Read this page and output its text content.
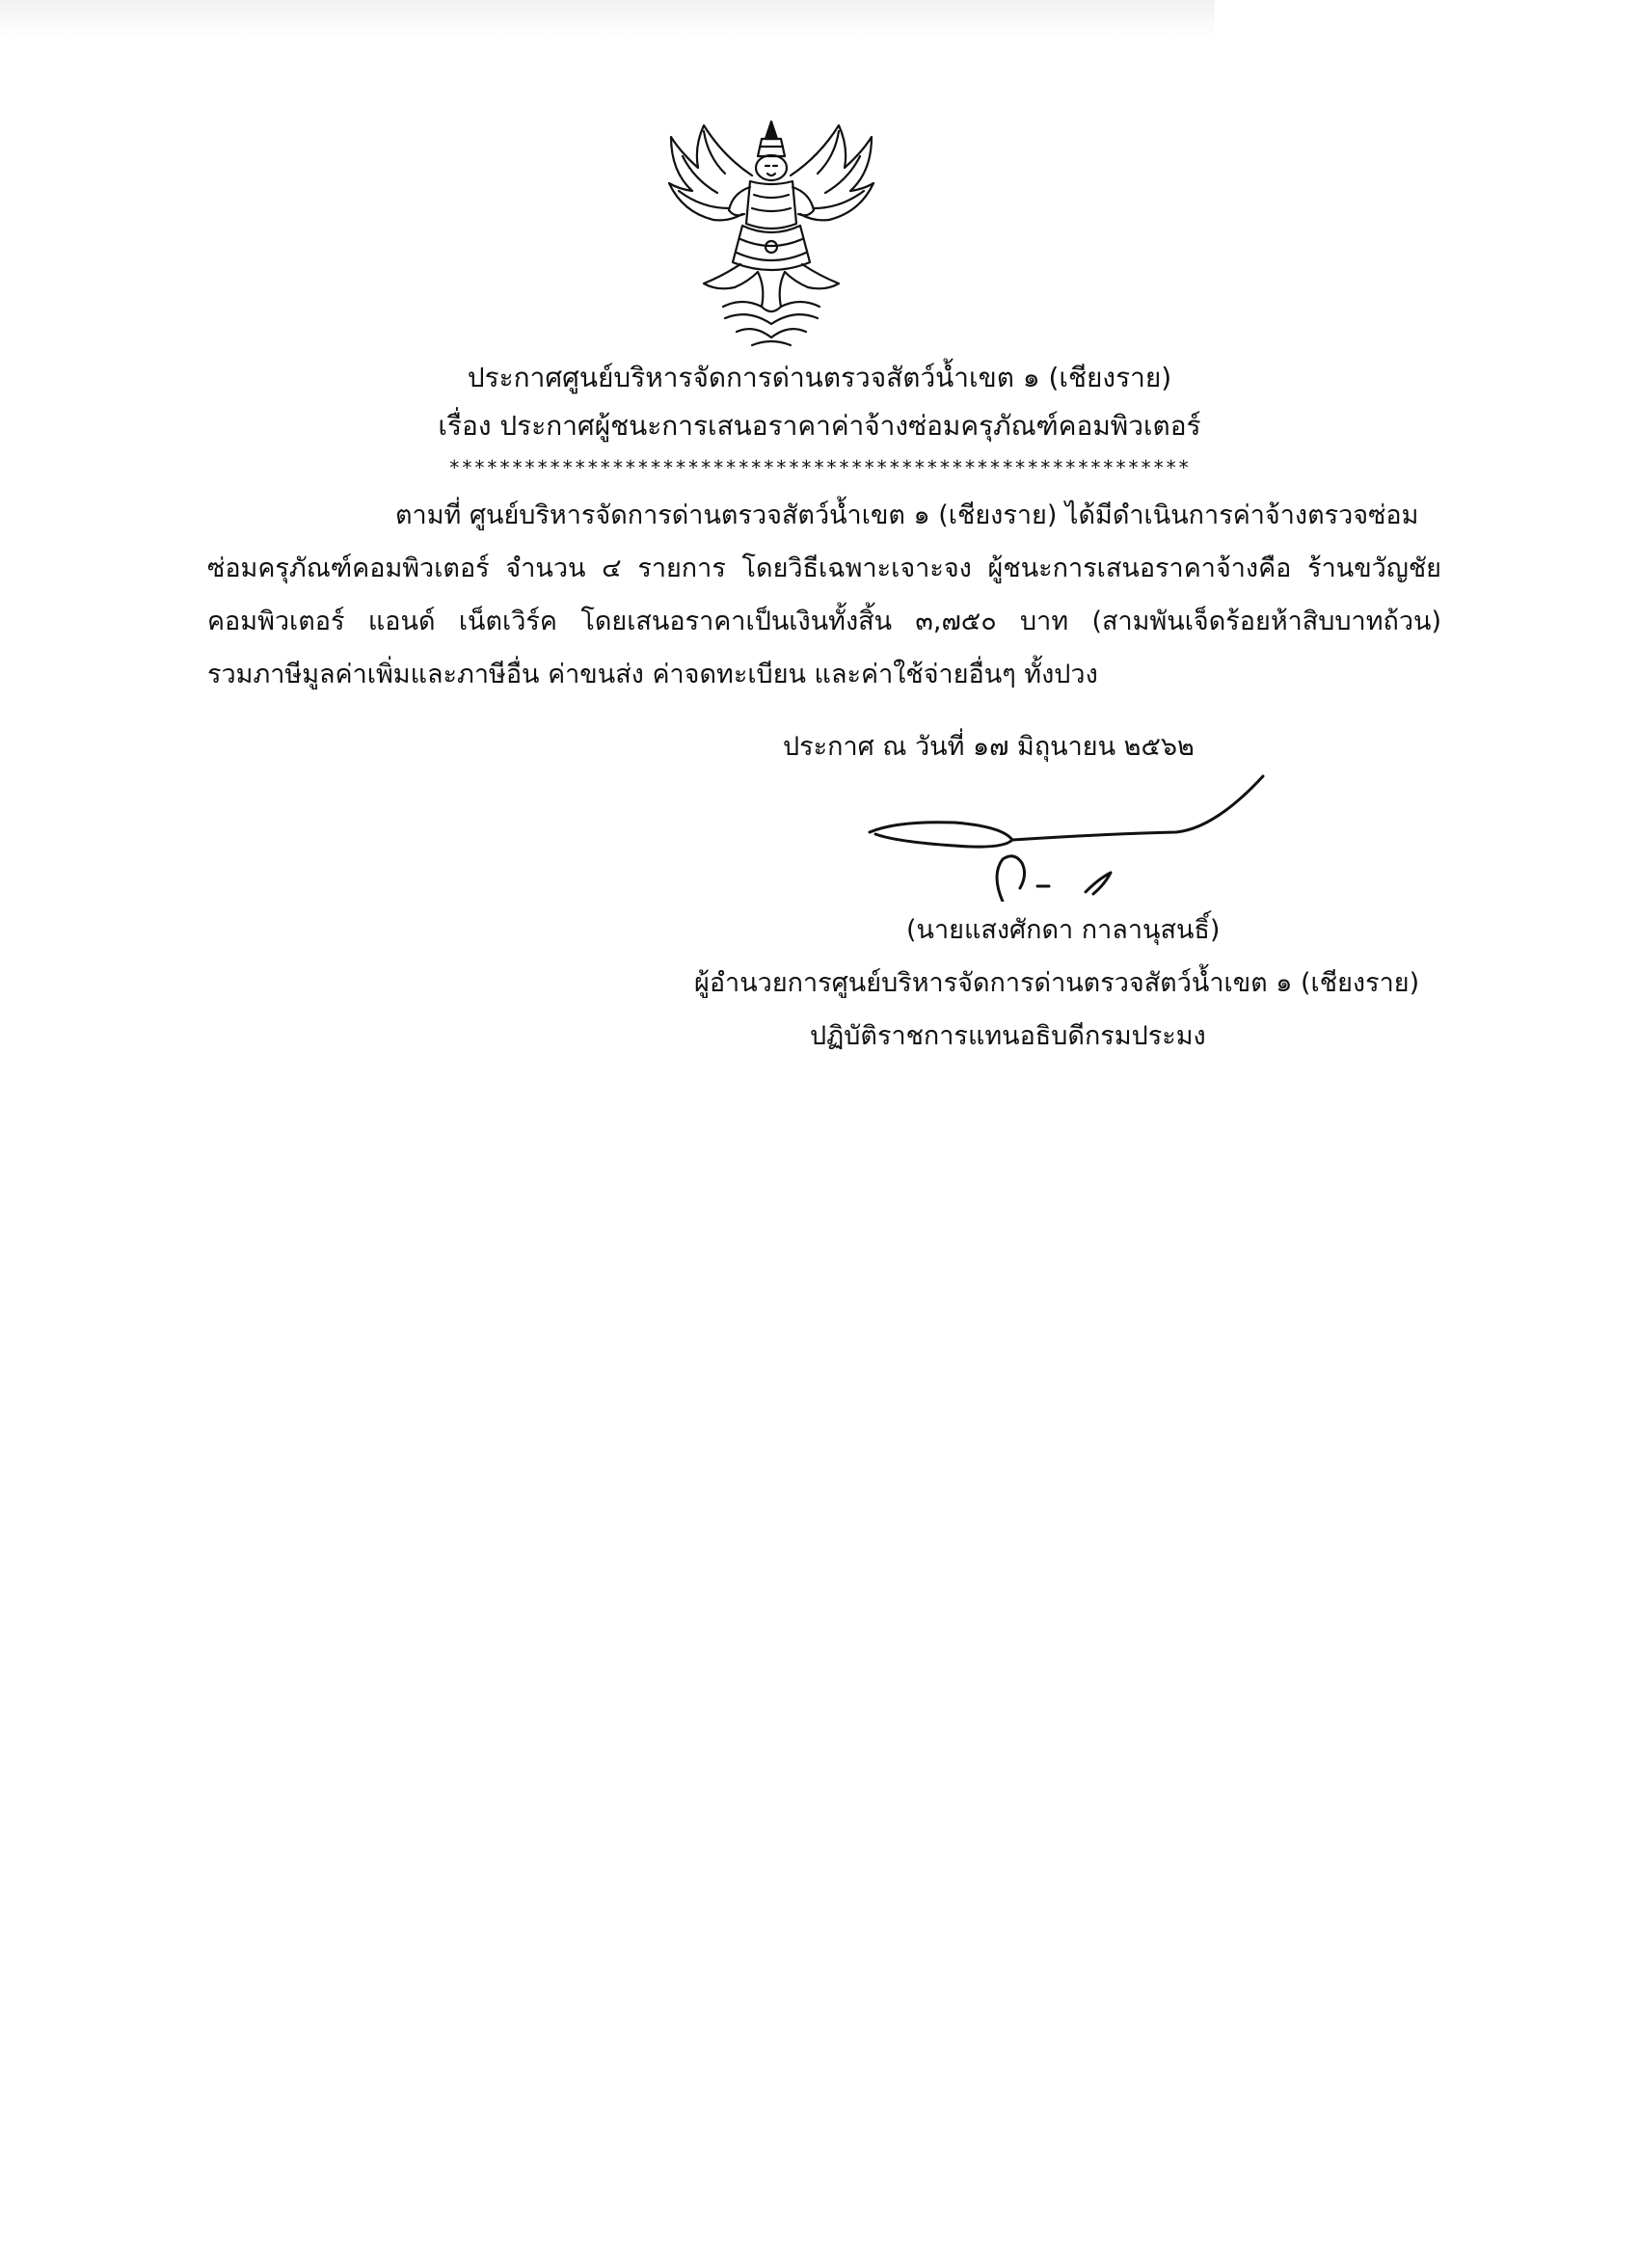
ประกาศศูนย์บริหารจัดการด่านตรวจสัตว์น้ำเขต ๑ (เชียงราย)
เรื่อง ประกาศผู้ชนะการเสนอราคาค่าจ้างซ่อมครุภัณฑ์คอมพิวเตอร์
***********************************************************
ตามที่ ศูนย์บริหารจัดการด่านตรวจสัตว์น้ำเขต ๑ (เชียงราย) ได้มีดำเนินการค่าจ้างตรวจซ่อม
ซ่อมครุภัณฑ์คอมพิวเตอร์ จำนวน ๔ รายการ โดยวิธีเฉพาะเจาะจง ผู้ชนะการเสนอราคาจ้างคือ ร้านขวัญชัย
คอมพิวเตอร์ แอนด์ เน็ตเวิร์ค โดยเสนอราคาเป็นเงินทั้งสิ้น ๓,๗๕๐ บาท (สามพันเจ็ดร้อยห้าสิบบาทถ้วน)
รวมภาษีมูลค่าเพิ่มและภาษีอื่น ค่าขนส่ง ค่าจดทะเบียน และค่าใช้จ่ายอื่นๆ ทั้งปวง
ประกาศ ณ วันที่ ๑๗ มิถุนายน ๒๕๖๒
(นายแสงศักดา กาลานุสนธิ์)
ผู้อำนวยการศูนย์บริหารจัดการด่านตรวจสัตว์น้ำเขต ๑ (เชียงราย)
ปฏิบัติราชการแทนอธิบดีกรมประมง
